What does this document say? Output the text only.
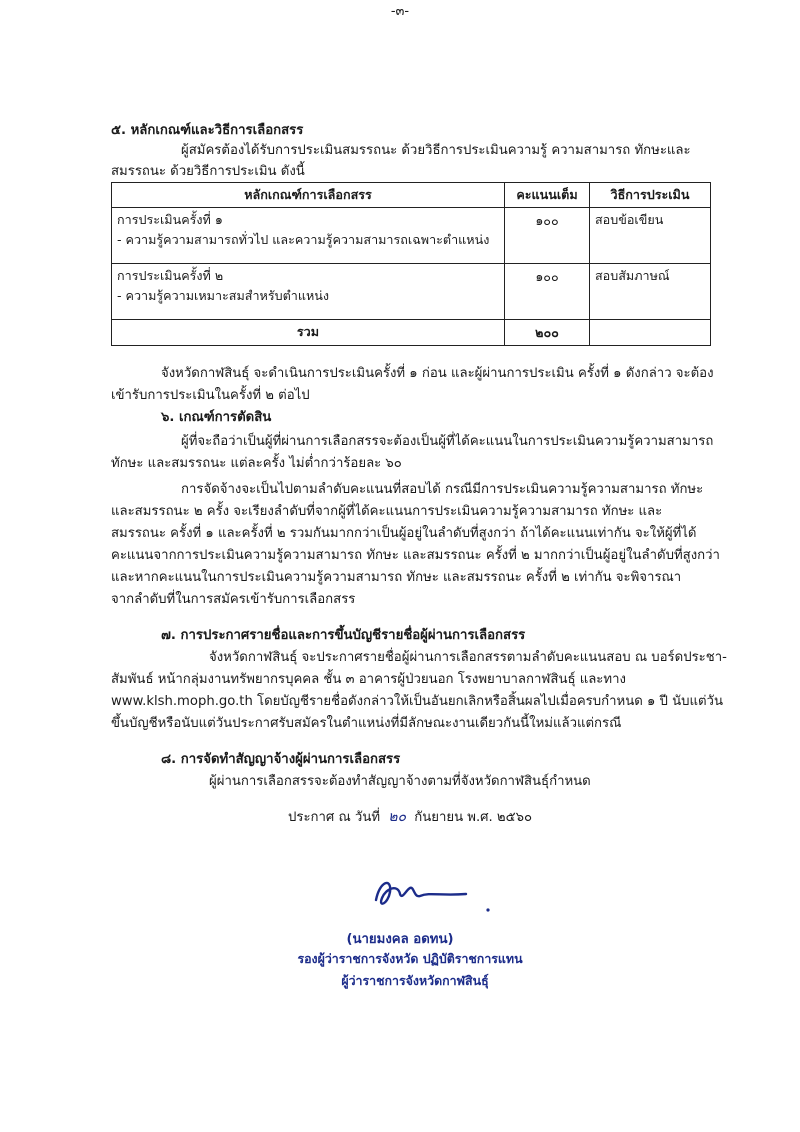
-๓-
๕. หลักเกณฑ์และวิธีการเลือกสรร
ผู้สมัครต้องได้รับการประเมินสมรรถนะ ด้วยวิธีการประเมินความรู้ ความสามารถ ทักษะและ
สมรรถนะ ด้วยวิธีการประเมิน ดังนี้
หลักเกณฑ์การเลือกสรร	คะแนนเต็ม	วิธีการประเมิน

การประเมินครั้งที่ ๑
- ความรู้ความสามารถทั่วไป และความรู้ความสามารถเฉพาะตำแหน่ง	๑๐๐	สอบข้อเขียน

การประเมินครั้งที่ ๒
- ความรู้ความเหมาะสมสำหรับตำแหน่ง	๑๐๐	สอบสัมภาษณ์
รวม	๒๐๐	
จังหวัดกาฬสินธุ์ จะดำเนินการประเมินครั้งที่ ๑ ก่อน และผู้ผ่านการประเมิน ครั้งที่ ๑ ดังกล่าว จะต้อง
เข้ารับการประเมินในครั้งที่ ๒ ต่อไป
๖. เกณฑ์การตัดสิน
ผู้ที่จะถือว่าเป็นผู้ที่ผ่านการเลือกสรรจะต้องเป็นผู้ที่ได้คะแนนในการประเมินความรู้ความสามารถ
ทักษะ และสมรรถนะ แต่ละครั้ง ไม่ต่ำกว่าร้อยละ ๖๐
การจัดจ้างจะเป็นไปตามลำดับคะแนนที่สอบได้ กรณีมีการประเมินความรู้ความสามารถ ทักษะ
และสมรรถนะ ๒ ครั้ง จะเรียงลำดับที่จากผู้ที่ได้คะแนนการประเมินความรู้ความสามารถ ทักษะ และ
สมรรถนะ ครั้งที่ ๑ และครั้งที่ ๒ รวมกันมากกว่าเป็นผู้อยู่ในลำดับที่สูงกว่า ถ้าได้คะแนนเท่ากัน จะให้ผู้ที่ได้
คะแนนจากการประเมินความรู้ความสามารถ ทักษะ และสมรรถนะ ครั้งที่ ๒ มากกว่าเป็นผู้อยู่ในลำดับที่สูงกว่า
และหากคะแนนในการประเมินความรู้ความสามารถ ทักษะ และสมรรถนะ ครั้งที่ ๒ เท่ากัน จะพิจารณา
จากลำดับที่ในการสมัครเข้ารับการเลือกสรร
๗. การประกาศรายชื่อและการขึ้นบัญชีรายชื่อผู้ผ่านการเลือกสรร
จังหวัดกาฬสินธุ์ จะประกาศรายชื่อผู้ผ่านการเลือกสรรตามลำดับคะแนนสอบ ณ บอร์ดประชา-
สัมพันธ์ หน้ากลุ่มงานทรัพยากรบุคคล ชั้น ๓ อาคารผู้ป่วยนอก โรงพยาบาลกาฬสินธุ์ และทาง
www.klsh.moph.go.th โดยบัญชีรายชื่อดังกล่าวให้เป็นอันยกเลิกหรือสิ้นผลไปเมื่อครบกำหนด ๑ ปี นับแต่วัน
ขึ้นบัญชีหรือนับแต่วันประกาศรับสมัครในตำแหน่งที่มีลักษณะงานเดียวกันนี้ใหม่แล้วแต่กรณี
๘. การจัดทำสัญญาจ้างผู้ผ่านการเลือกสรร
ผู้ผ่านการเลือกสรรจะต้องทำสัญญาจ้างตามที่จังหวัดกาฬสินธุ์กำหนด
ประกาศ ณ วันที่ ๒๐ กันยายน พ.ศ. ๒๕๖๐
(นายมงคล อดทน)
รองผู้ว่าราชการจังหวัด ปฏิบัติราชการแทน
ผู้ว่าราชการจังหวัดกาฬสินธุ์
